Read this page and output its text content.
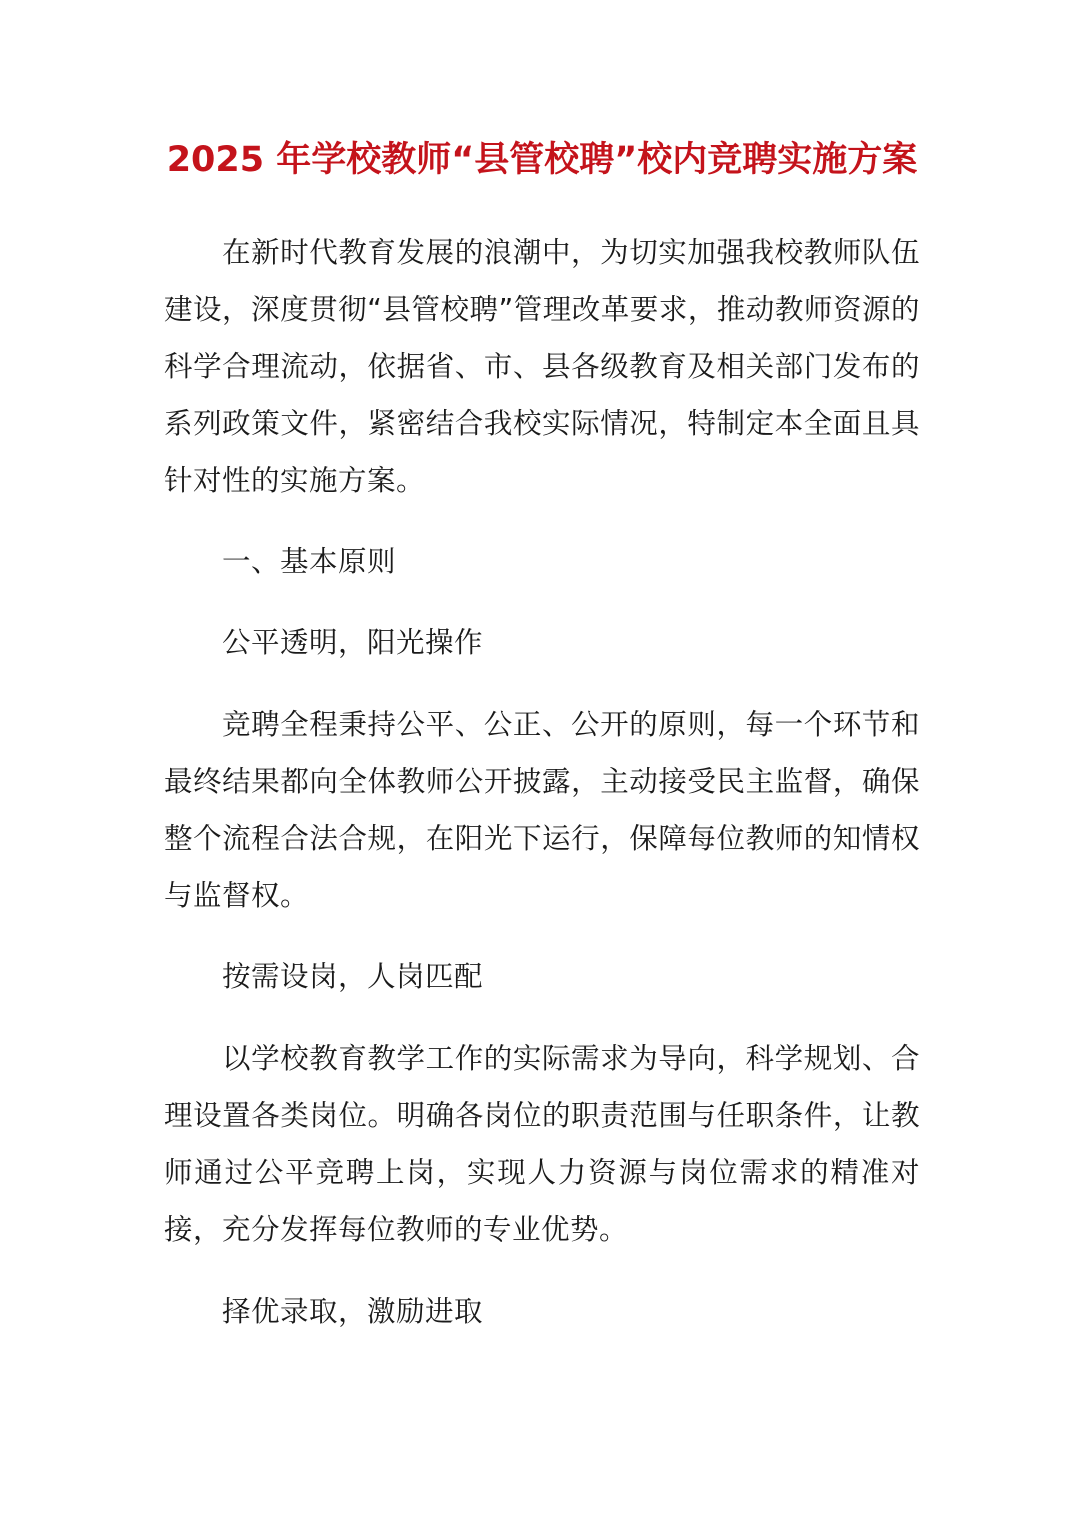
2025 年学校教师“县管校聘”校内竞聘实施方案

在新时代教育发展的浪潮中，为切实加强我校教师队伍建设，深度贯彻“县管校聘”管理改革要求，推动教师资源的科学合理流动，依据省、市、县各级教育及相关部门发布的系列政策文件，紧密结合我校实际情况，特制定本全面且具针对性的实施方案。

一、基本原则

公平透明，阳光操作

竞聘全程秉持公平、公正、公开的原则，每一个环节和最终结果都向全体教师公开披露，主动接受民主监督，确保整个流程合法合规，在阳光下运行，保障每位教师的知情权与监督权。

按需设岗，人岗匹配

以学校教育教学工作的实际需求为导向，科学规划、合理设置各类岗位。明确各岗位的职责范围与任职条件，让教师通过公平竞聘上岗，实现人力资源与岗位需求的精准对接，充分发挥每位教师的专业优势。

择优录取，激励进取
